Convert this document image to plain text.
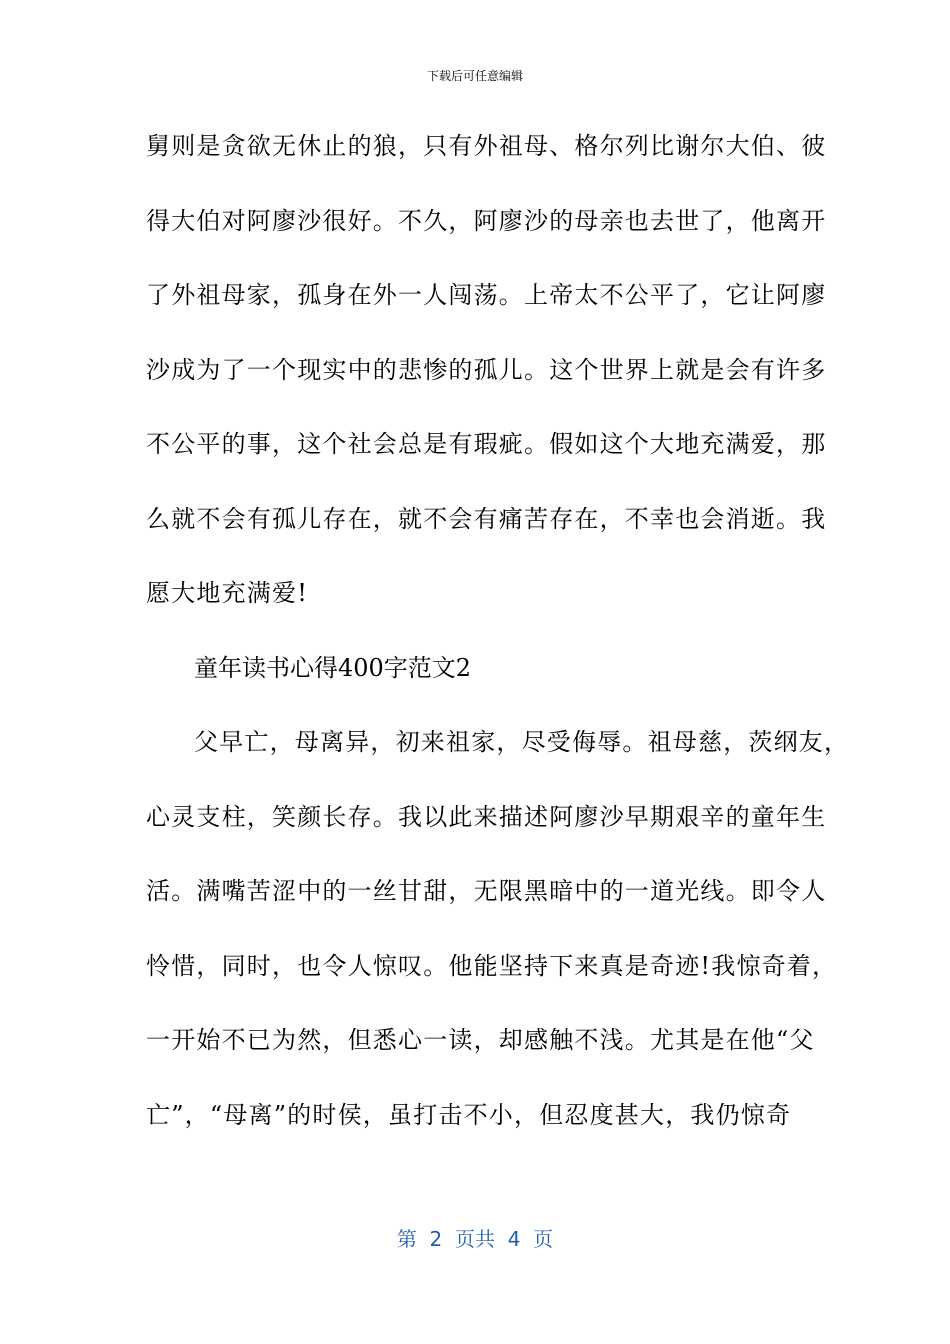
下载后可任意编辑
舅则是贪欲无休止的狼，只有外祖母、格尔列比谢尔大伯、彼
得大伯对阿廖沙很好。不久，阿廖沙的母亲也去世了，他离开
了外祖母家，孤身在外一人闯荡。上帝太不公平了，它让阿廖
沙成为了一个现实中的悲惨的孤儿。这个世界上就是会有许多
不公平的事，这个社会总是有瑕疵。假如这个大地充满爱，那
么就不会有孤儿存在，就不会有痛苦存在，不幸也会消逝。我
愿大地充满爱!
童年读书心得400字范文2
父早亡，母离异，初来祖家，尽受侮辱。祖母慈，茨纲友，
心灵支柱，笑颜长存。我以此来描述阿廖沙早期艰辛的童年生
活。满嘴苦涩中的一丝甘甜，无限黑暗中的一道光线。即令人
怜惜，同时，也令人惊叹。他能坚持下来真是奇迹!我惊奇着，
一开始不已为然，但悉心一读，却感触不浅。尤其是在他“父
亡”，“母离”的时侯，虽打击不小，但忍度甚大，我仍惊奇
第  2  页共  4  页
